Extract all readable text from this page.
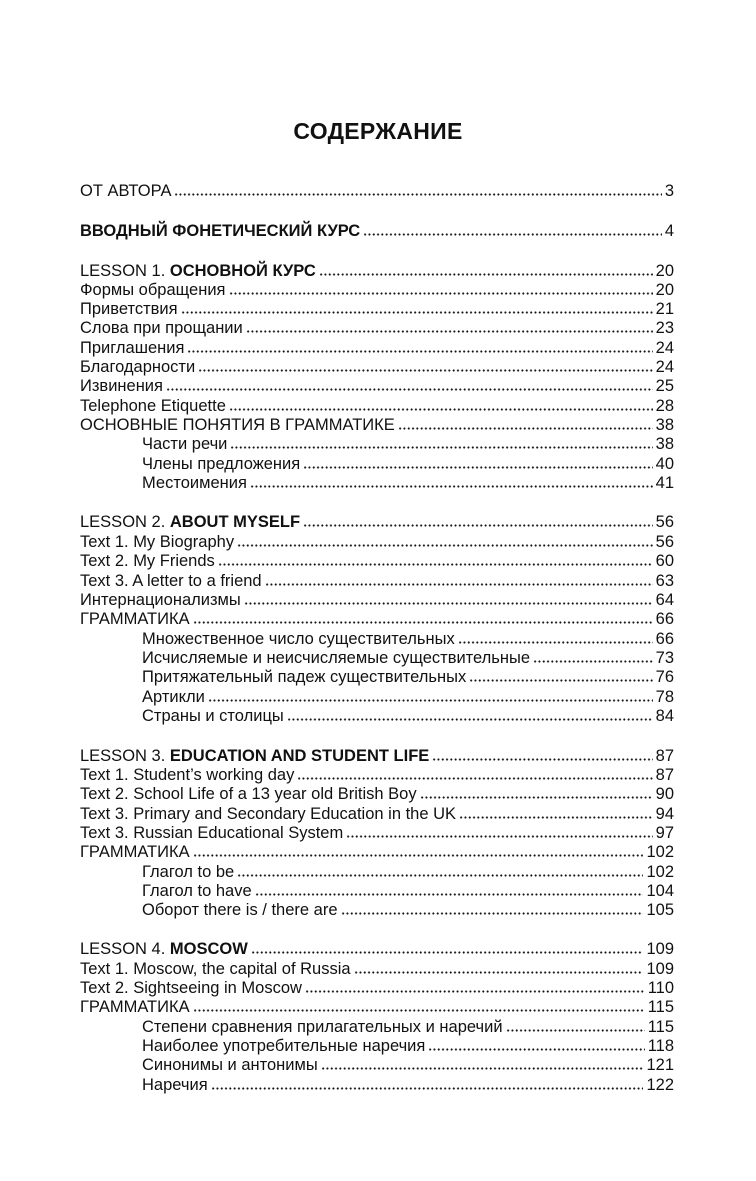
СОДЕРЖАНИЕ
ОТ АВТОРА	3
ВВОДНЫЙ ФОНЕТИЧЕСКИЙ КУРС	4
LESSON 1. ОСНОВНОЙ КУРС	20
Формы обращения	20
Приветствия	21
Слова при прощании	23
Приглашения	24
Благодарности	24
Извинения	25
Telephone Etiquette	28
ОСНОВНЫЕ ПОНЯТИЯ В ГРАММАТИКЕ	38
Части речи	38
Члены предложения	40
Местоимения	41
LESSON 2. ABOUT MYSELF	56
Text 1. My Biography	56
Text 2. My Friends	60
Text 3. A letter to a friend	63
Интернационализмы	64
ГРАММАТИКА	66
Множественное число существительных	66
Исчисляемые и неисчисляемые существительные	73
Притяжательный падеж существительных	76
Артикли	78
Страны и столицы	84
LESSON 3. EDUCATION AND STUDENT LIFE	87
Text 1. Student’s working day	87
Text 2. School Life of a 13 year old British Boy	90
Text 3. Primary and Secondary Education in the UK	94
Text 3. Russian Educational System	97
ГРАММАТИКА	102
Глагол to be	102
Глагол to have	104
Оборот there is / there are	105
LESSON 4. MOSCOW	109
Text 1. Moscow, the capital of Russia	109
Text 2. Sightseeing in Moscow	110
ГРАММАТИКА	115
Степени сравнения прилагательных и наречий	115
Наиболее употребительные наречия	118
Синонимы и антонимы	121
Наречия	122
